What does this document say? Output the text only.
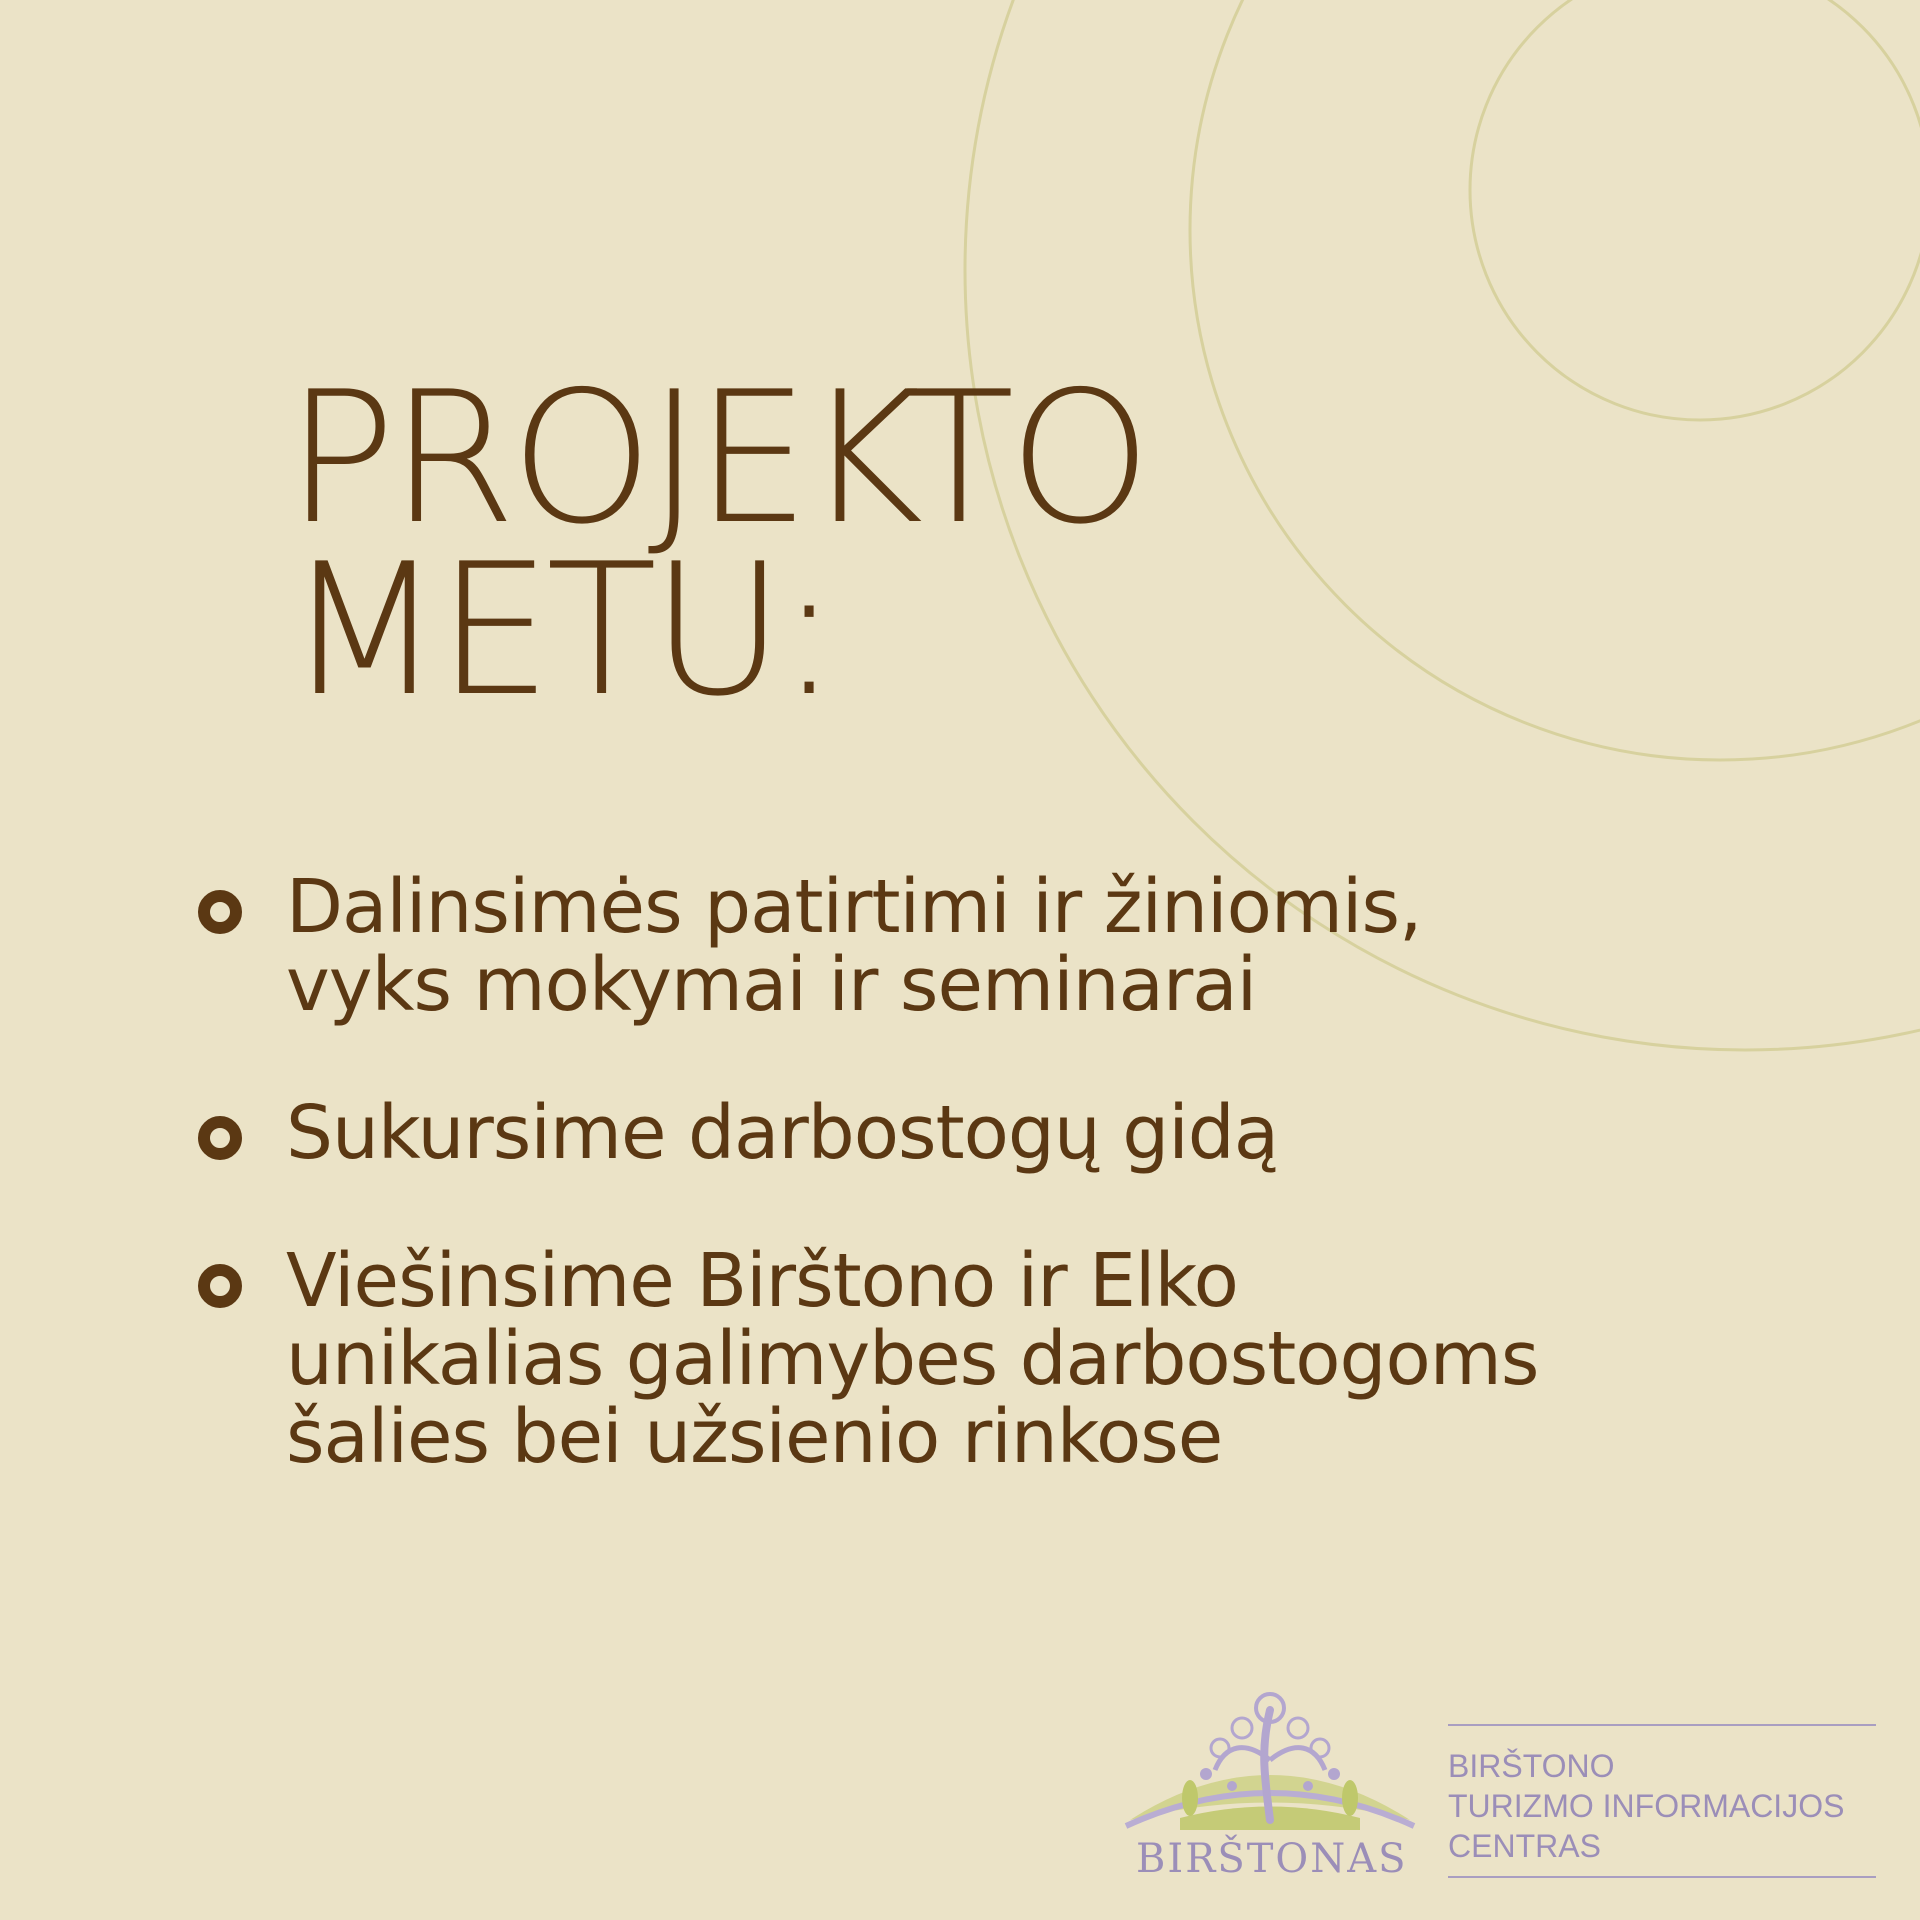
PROJEKTO
METU:
Dalinsimės patirtimi ir žiniomis,
vyks mokymai ir seminarai
Sukursime darbostogų gidą
Viešinsime Birštono ir Elko
unikalias galimybes darbostogoms
šalies bei užsienio rinkose
BIRŠTONAS
BIRŠTONO
TURIZMO INFORMACIJOS
CENTRAS
